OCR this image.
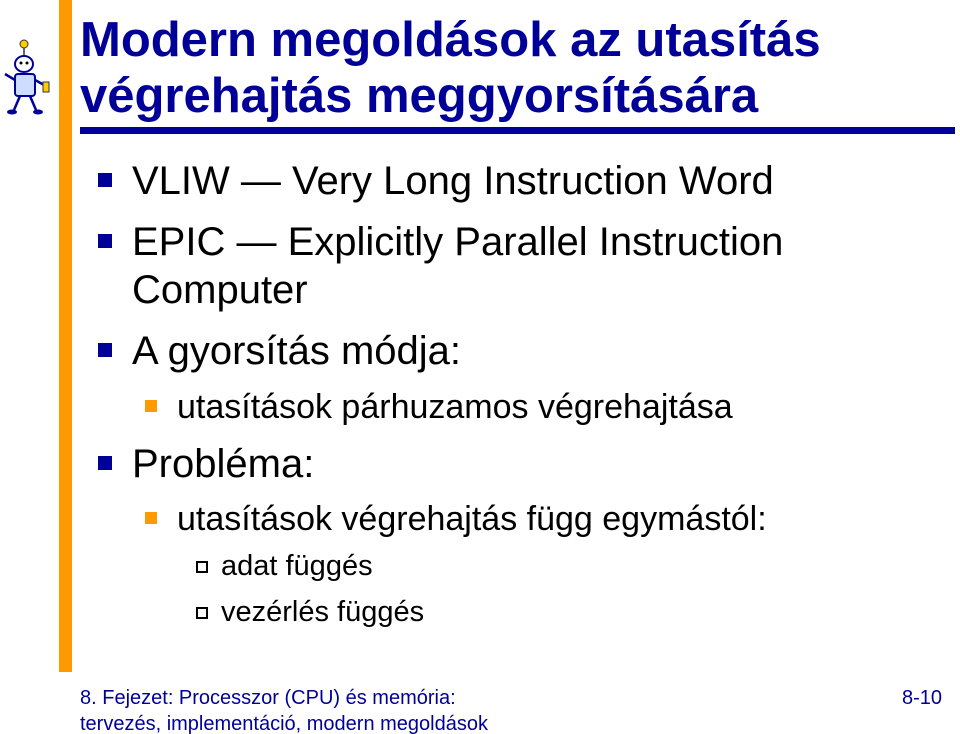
Modern megoldások az utasítás
végrehajtás meggyorsítására
VLIW — Very Long Instruction Word
EPIC — Explicitly Parallel Instruction
Computer
A gyorsítás módja:
utasítások párhuzamos végrehajtása
Probléma:
utasítások végrehajtás függ egymástól:
adat függés
vezérlés függés
8. Fejezet: Processzor (CPU) és memória:
tervezés, implementáció, modern megoldások
8-10
